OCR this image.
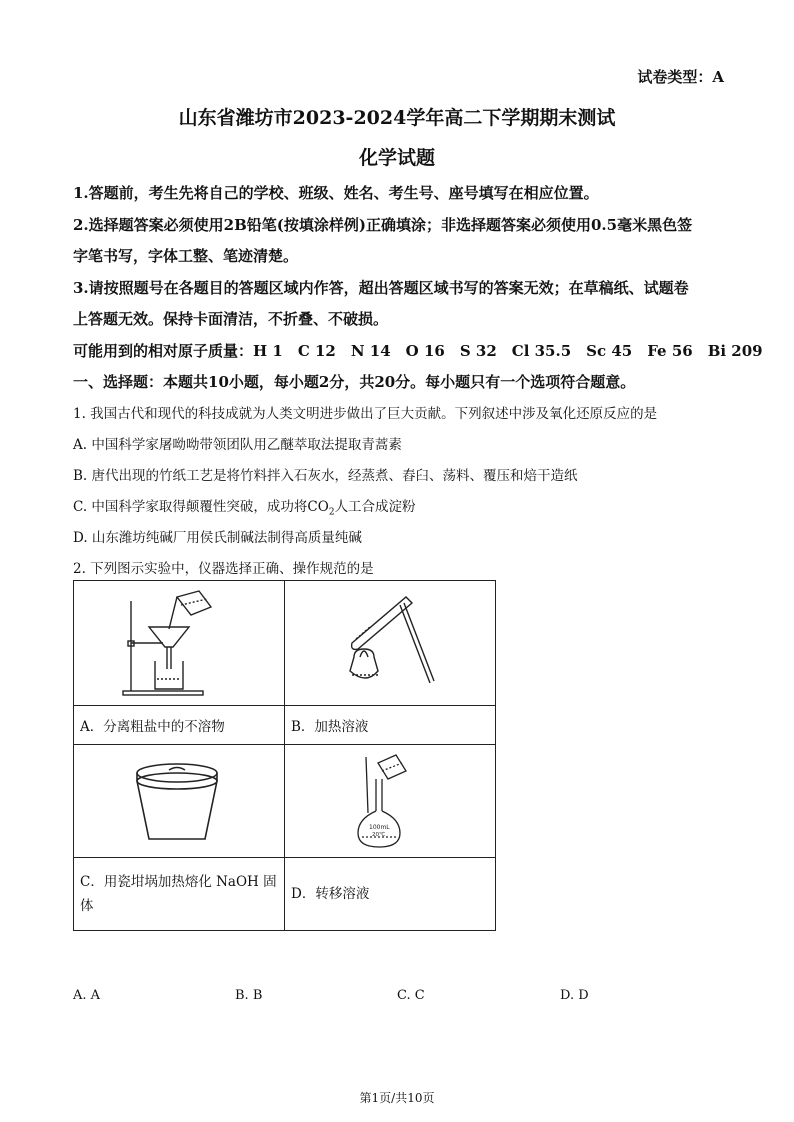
试卷类型：A
山东省潍坊市2023-2024学年高二下学期期末测试
化学试题
1.答题前，考生先将自己的学校、班级、姓名、考生号、座号填写在相应位置。
2.选择题答案必须使用2B铅笔(按填涂样例)正确填涂；非选择题答案必须使用0.5毫米黑色签
字笔书写，字体工整、笔迹清楚。
3.请按照题号在各题目的答题区域内作答，超出答题区域书写的答案无效；在草稿纸、试题卷
上答题无效。保持卡面清洁，不折叠、不破损。
可能用到的相对原子质量：H 1　C 12　N 14　O 16　S 32　Cl 35.5　Sc 45　Fe 56　Bi 209
一、选择题：本题共10小题，每小题2分，共20分。每小题只有一个选项符合题意。
1. 我国古代和现代的科技成就为人类文明进步做出了巨大贡献。下列叙述中涉及氧化还原反应的是
A. 中国科学家屠呦呦带领团队用乙醚萃取法提取青蒿素
B. 唐代出现的竹纸工艺是将竹料拌入石灰水，经蒸煮、舂臼、荡料、覆压和焙干造纸
C. 中国科学家取得颠覆性突破，成功将$CO_2$人工合成淀粉
D. 山东潍坊纯碱厂用侯氏制碱法制得高质量纯碱
2. 下列图示实验中，仪器选择正确、操作规范的是

A．分离粗盐中的不溶物	B．加热溶液

100mL
20℃

C．用瓷坩埚加热熔化 NaOH 固
体	D．转移溶液
A. A	B. B	C. C	D. D
第1页/共10页
